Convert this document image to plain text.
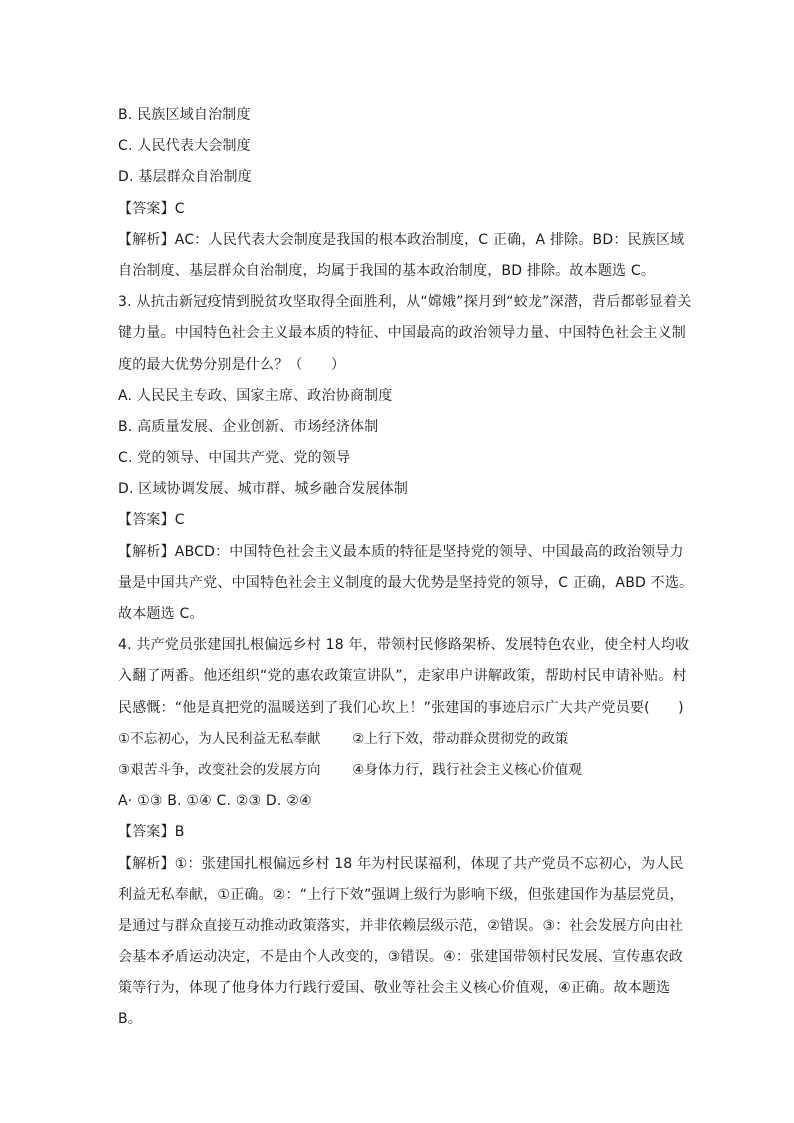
B. 民族区域自治制度
C. 人民代表大会制度
D. 基层群众自治制度
【答案】C
【解析】AC：人民代表大会制度是我国的根本政治制度，C 正确，A 排除。BD：民族区域
自治制度、基层群众自治制度，均属于我国的基本政治制度，BD 排除。故本题选 C。
3. 从抗击新冠疫情到脱贫攻坚取得全面胜利，从“嫦娥”探月到“蛟龙”深潜，背后都彰显着关
键力量。中国特色社会主义最本质的特征、中国最高的政治领导力量、中国特色社会主义制
度的最大优势分别是什么？（　　）
A. 人民民主专政、国家主席、政治协商制度
B. 高质量发展、企业创新、市场经济体制
C. 党的领导、中国共产党、党的领导
D. 区域协调发展、城市群、城乡融合发展体制
【答案】C
【解析】ABCD：中国特色社会主义最本质的特征是坚持党的领导、中国最高的政治领导力
量是中国共产党、中国特色社会主义制度的最大优势是坚持党的领导，C 正确，ABD 不选。
故本题选 C。
4. 共产党员张建国扎根偏远乡村 18 年，带领村民修路架桥、发展特色农业，使全村人均收
入翻了两番。他还组织“党的惠农政策宣讲队”，走家串户讲解政策，帮助村民申请补贴。村
民感慨：“他是真把党的温暖送到了我们心坎上！”张建国的事迹启示广大共产党员要(　　)
①不忘初心，为人民利益无私奉献　　 ②上行下效，带动群众贯彻党的政策
③艰苦斗争，改变社会的发展方向　　 ④身体力行，践行社会主义核心价值观
A· ①③ B. ①④ C. ②③ D. ②④
【答案】B
【解析】①：张建国扎根偏远乡村 18 年为村民谋福利，体现了共产党员不忘初心，为人民
利益无私奉献，①正确。②：“上行下效”强调上级行为影响下级，但张建国作为基层党员，
是通过与群众直接互动推动政策落实，并非依赖层级示范，②错误。③：社会发展方向由社
会基本矛盾运动决定，不是由个人改变的，③错误。④：张建国带领村民发展、宣传惠农政
策等行为，体现了他身体力行践行爱国、敬业等社会主义核心价值观，④正确。故本题选
B。
